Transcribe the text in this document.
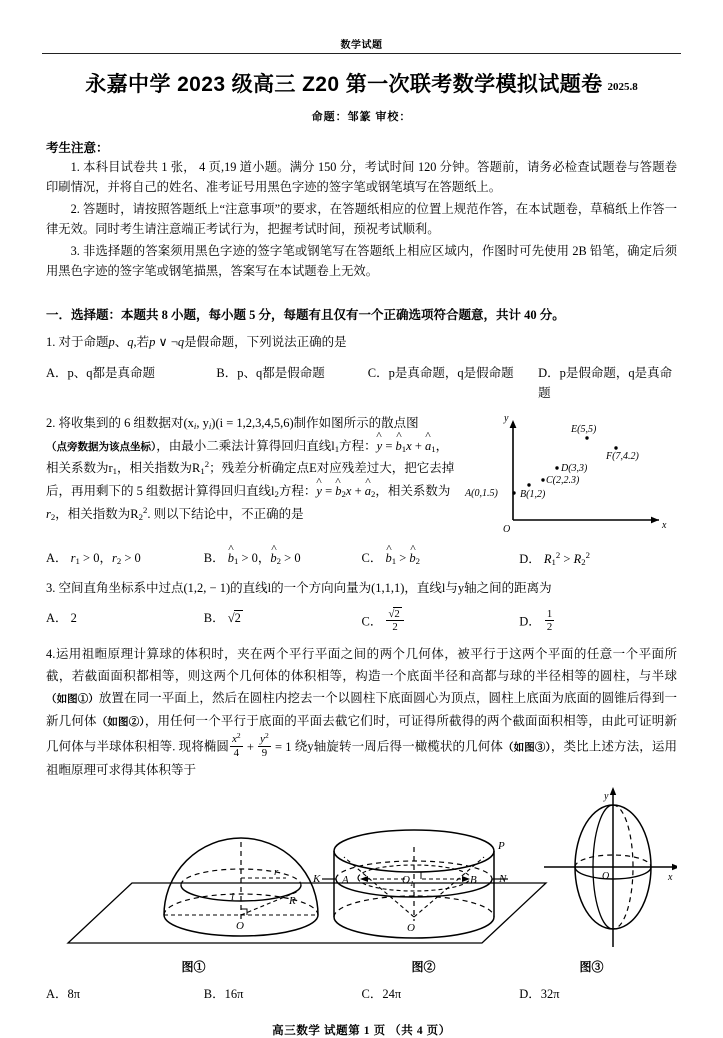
数学试题
永嘉中学 2023 级高三 Z20 第一次联考数学模拟试题卷 2025.8
命题：邹篆 审校：
考生注意：

1. 本科目试卷共 1 张， 4 页,19 道小题。满分 150 分，考试时间 120 分钟。答题前，请务必检查试题卷与答题卷印刷情况，并将自己的姓名、准考证号用黑色字迹的签字笔或钢笔填写在答题纸上。

2. 答题时，请按照答题纸上“注意事项”的要求，在答题纸相应的位置上规范作答，在本试题卷，草稿纸上作答一律无效。同时考生请注意端正考试行为，把握考试时间，预祝考试顺利。

3. 非选择题的答案须用黑色字迹的签字笔或钢笔写在答题纸上相应区域内，作图时可先使用 2B 铅笔，确定后须用黑色字迹的签字笔或钢笔描黑，答案写在本试题卷上无效。

一．选择题：本题共 8 小题，每小题 5 分，每题有且仅有一个正确选项符合题意，共计 40 分。
1. 对于命题p、q,若p ∨ ¬q是假命题，下列说法正确的是
A．p、q都是真命题	B．p、q都是假命题	C．p是真命题，q是假命题	D．p是假命题，q是真命题
2. 将收集到的 6 组数据对($x_i$, $y_i)(i = 1,2,3,4,5,6)$制作如图所示的散点图
（点旁数据为该点坐标），由最小二乘法计算得回归直线$l_1$方程：^ y = ^ $b_1x$ + ^ $a_1$，
相关系数为$r_1$，相关指数为$R_1^2$；残差分析确定点E对应残差过大，把它去掉
后，再用剩下的 5 组数据计算得回归直线$l_2$方程：^ y = ^ $b_2x$ + ^ $a_2$，相关系数为
$r_2$，相关指数为$R_2^2$. 则以下结论中，不正确的是
y
x
O
A(0,1.5) B(1,2)
C(2,2.3)
D(3,3)
E(5,5)
F(7,4.2)
A． $r_1 > 0$，$r_2 > 0$	B． ^ $b_1 > 0$，^ $b_2 > 0$	C． ^ $b_1$ > ^ $b_2$	D． $R_1^2 > R_2^2$
3. 空间直角坐标系中过点(1,2, − 1)的直线l的一个方向向量为(1,1,1)，直线l与y轴之间的距离为
A． 2	B． √2	C． $\frac{√2}{2}$	D． $\frac{1}{2}$
4.运用祖暅原理计算球的体积时，夹在两个平行平面之间的两个几何体，被平行于这两个平面的任意一个平面所截，若截面面积都相等，则这两个几何体的体积相等，构造一个底面半径和高都与球的半径相等的圆柱，与半球（如图①）放置在同一平面上，然后在圆柱内挖去一个以圆柱下底面圆心为顶点，圆柱上底面为底面的圆锥后得到一新几何体（如图②），用任何一个平行于底面的平面去截它们时，可证得所截得的两个截面面积相等，由此可证明新几何体与半球体积相等. 现将椭圆 $\frac{x^2}{4} + \frac{y^2}{9} = 1$ 绕y轴旋转一周后得一橄榄状的几何体（如图③），类比上述方法，运用祖暅原理可求得其体积等于
r
l	R
O
K A	O 1	B N
P
O
y
x
O
图①	图②	图③
A．8π	B．16π	C．24π	D．32π
高三数学 试题第 1 页 （共 4 页）
